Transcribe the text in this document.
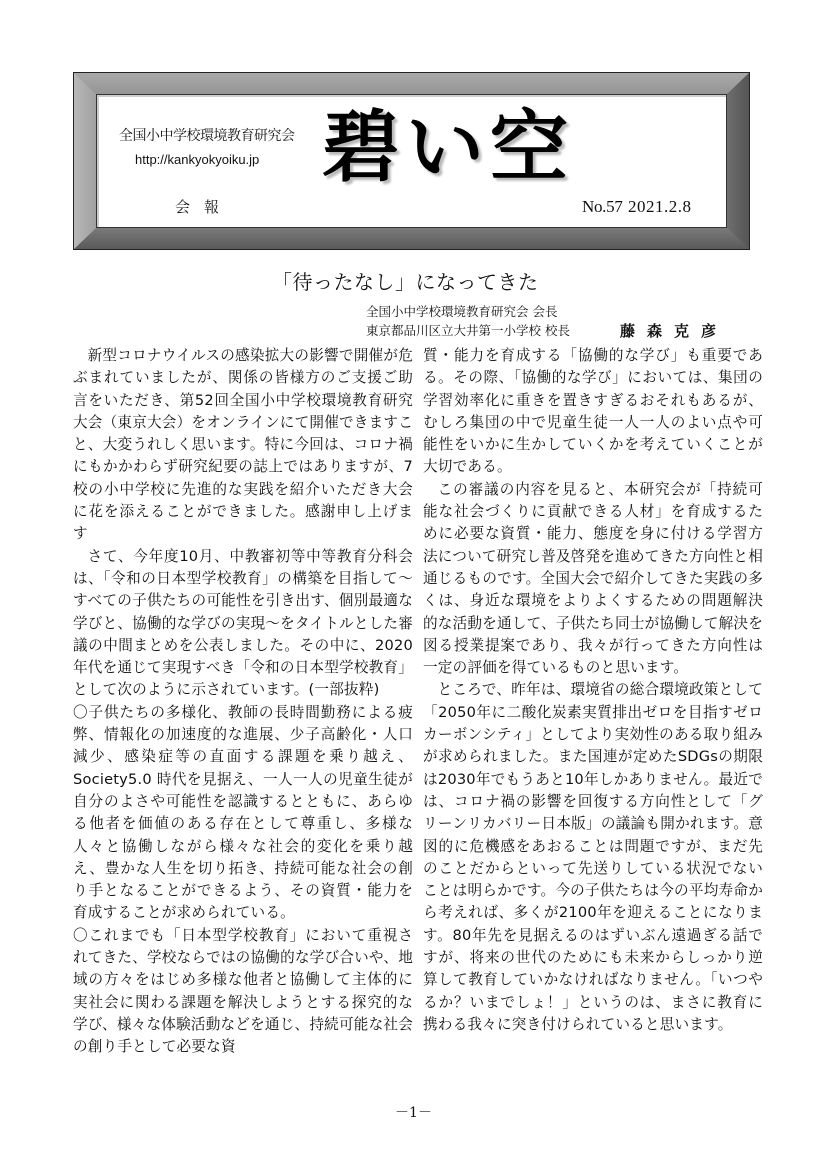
全国小中学校環境教育研究会
http://kankyokyoiku.jp
会報
碧い空
No.57 2021.2.8
「待ったなし」になってきた
全国小中学校環境教育研究会 会長
東京都品川区立大井第一小学校 校長	藤森克彦

新型コロナウイルスの感染拡大の影響で開催が危ぶまれていましたが、関係の皆様方のご支援ご助言をいただき、第52回全国小中学校環境教育研究大会（東京大会）をオンラインにて開催できますこと、大変うれしく思います。特に今回は、コロナ禍にもかかわらず研究紀要の誌上ではありますが、7校の小中学校に先進的な実践を紹介いただき大会に花を添えることができました。感謝申し上げます

さて、今年度10月、中教審初等中等教育分科会は、「令和の日本型学校教育」の構築を目指して～すべての子供たちの可能性を引き出す、個別最適な学びと、協働的な学びの実現～をタイトルとした審議の中間まとめを公表しました。その中に、2020 年代を通じて実現すべき「令和の日本型学校教育」として次のように示されています。(一部抜粋)

〇子供たちの多様化、教師の長時間勤務による疲弊、情報化の加速度的な進展、少子高齢化・人口減少、感染症等の直面する課題を乗り越え、Society5.0 時代を見据え、一人一人の児童生徒が自分のよさや可能性を認識するとともに、あらゆる他者を価値のある存在として尊重し、多様な人々と協働しながら様々な社会的変化を乗り越え、豊かな人生を切り拓き、持続可能な社会の創り手となることができるよう、その資質・能力を育成することが求められている。

〇これまでも「日本型学校教育」において重視されてきた、学校ならではの協働的な学び合いや、地域の方々をはじめ多様な他者と協働して主体的に実社会に関わる課題を解決しようとする探究的な学び、様々な体験活動などを通じ、持続可能な社会の創り手として必要な資

質・能力を育成する「協働的な学び」も重要である。その際、「協働的な学び」においては、集団の学習効率化に重きを置きすぎるおそれもあるが、むしろ集団の中で児童生徒一人一人のよい点や可能性をいかに生かしていくかを考えていくことが大切である。

この審議の内容を見ると、本研究会が「持続可能な社会づくりに貢献できる人材」を育成するために必要な資質・能力、態度を身に付ける学習方法について研究し普及啓発を進めてきた方向性と相通じるものです。全国大会で紹介してきた実践の多くは、身近な環境をよりよくするための問題解決的な活動を通して、子供たち同士が協働して解決を図る授業提案であり、我々が行ってきた方向性は一定の評価を得ているものと思います。

ところで、昨年は、環境省の総合環境政策として「2050年に二酸化炭素実質排出ゼロを目指すゼロカーボンシティ」としてより実効性のある取り組みが求められました。また国連が定めたSDGsの期限は2030年でもうあと10年しかありません。最近では、コロナ禍の影響を回復する方向性として「グリーンリカバリー日本版」の議論も開かれます。意図的に危機感をあおることは問題ですが、まだ先のことだからといって先送りしている状況でないことは明らかです。今の子供たちは今の平均寿命から考えれば、多くが2100年を迎えることになります。80年先を見据えるのはずいぶん遠過ぎる話ですが、将来の世代のためにも未来からしっかり逆算して教育していかなければなりません。「いつやるか？いまでしょ！」というのは、まさに教育に携わる我々に突き付けられていると思います。

－1－
